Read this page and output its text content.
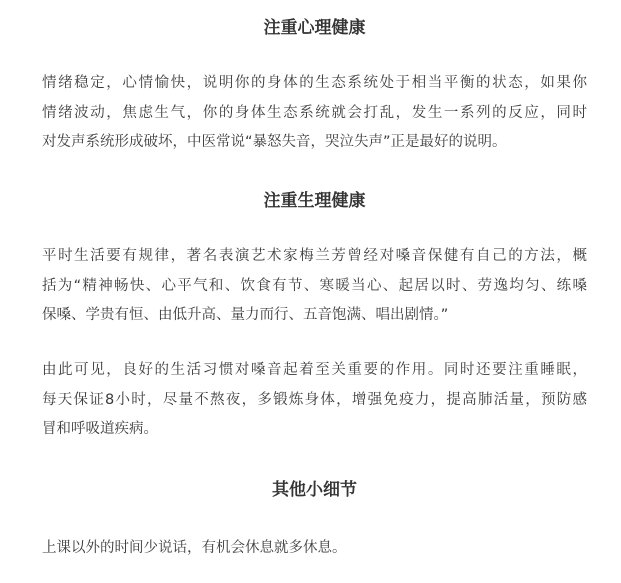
注重心理健康

情绪稳定，心情愉快，说明你的身体的生态系统处于相当平衡的状态，如果你
情绪波动，焦虑生气，你的身体生态系统就会打乱，发生一系列的反应，同时
对发声系统形成破坏，中医常说“暴怒失音，哭泣失声”正是最好的说明。

注重生理健康

平时生活要有规律，著名表演艺术家梅兰芳曾经对嗓音保健有自己的方法，概
括为“精神畅快、心平气和、饮食有节、寒暖当心、起居以时、劳逸均匀、练嗓
保嗓、学贵有恒、由低升高、量力而行、五音饱满、唱出剧情。”

由此可见，良好的生活习惯对嗓音起着至关重要的作用。同时还要注重睡眠，
每天保证8小时，尽量不熬夜，多锻炼身体，增强免疫力，提高肺活量，预防感
冒和呼吸道疾病。

其他小细节

上课以外的时间少说话，有机会休息就多休息。
